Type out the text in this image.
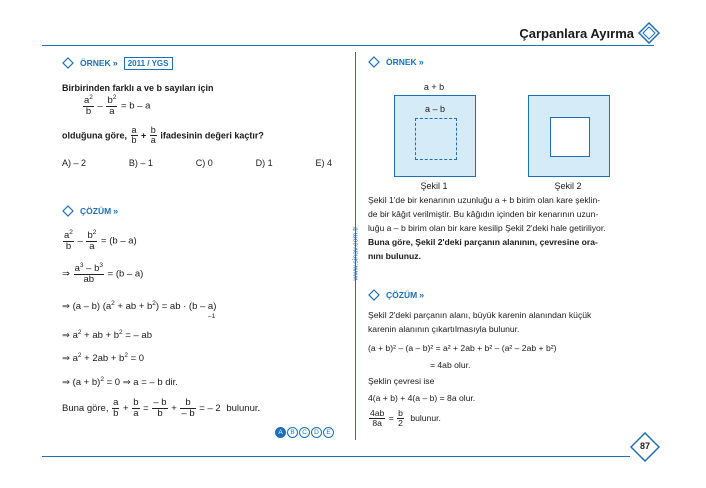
Çarpanlara Ayırma
www.sinav.com.tr
ÖRNEK »	2011 / YGS
Birbirinden farklı a ve b sayıları için
$\frac{a^2}{b} - \frac{b^2}{a} = b - a$
olduğuna göre, $\frac{a}{b} + \frac{b}{a}$ ifadesinin değeri kaçtır?
A) – 2	B) – 1	C) 0	D) 1	E) 4
ÇÖZÜM »
$\frac{a^2}{b} - \frac{b^2}{a} = (b - a)$
⇒ $\frac{a^3 - b^3}{ab} = (b - a)$
⇒ (a – b) ($a^2$ + ab + $b^2$) = ab · (b – a)
–1
⇒ $a^2$ + ab + $b^2$ = – ab
⇒ $a^2 + 2ab + b^2 = 0$
⇒ $(a + b)^2 = 0$ ⇒ a = – b dir.
Buna göre, $\frac{a}{b} + \frac{b}{a} = \frac{- b}{b} + \frac{b}{- b}$ = – 2 bulunur.
A	B	C	D	E
ÖRNEK »
a + b
a – b
Şekil 1	Şekil 2
Şekil 1'de bir kenarının uzunluğu a + b birim olan kare şeklin-
de bir kâğıt verilmiştir. Bu kâğıdın içinden bir kenarının uzun-
luğu a – b birim olan bir kare kesilip Şekil 2'deki hale getiriliyor.
Buna göre, Şekil 2'deki parçanın alanının, çevresine ora-
nını bulunuz.
ÇÖZÜM »
Şekil 2'deki parçanın alanı, büyük karenin alanından küçük
karenin alanının çıkartılmasıyla bulunur.
(a + b)² – (a – b)² = a² + 2ab + b² – (a² – 2ab + b²)
= 4ab olur.
Şeklin çevresi ise
4(a + b) + 4(a – b) = 8a olur.
$\frac{4ab}{8a} = \frac{b}{2}$ bulunur.
87
